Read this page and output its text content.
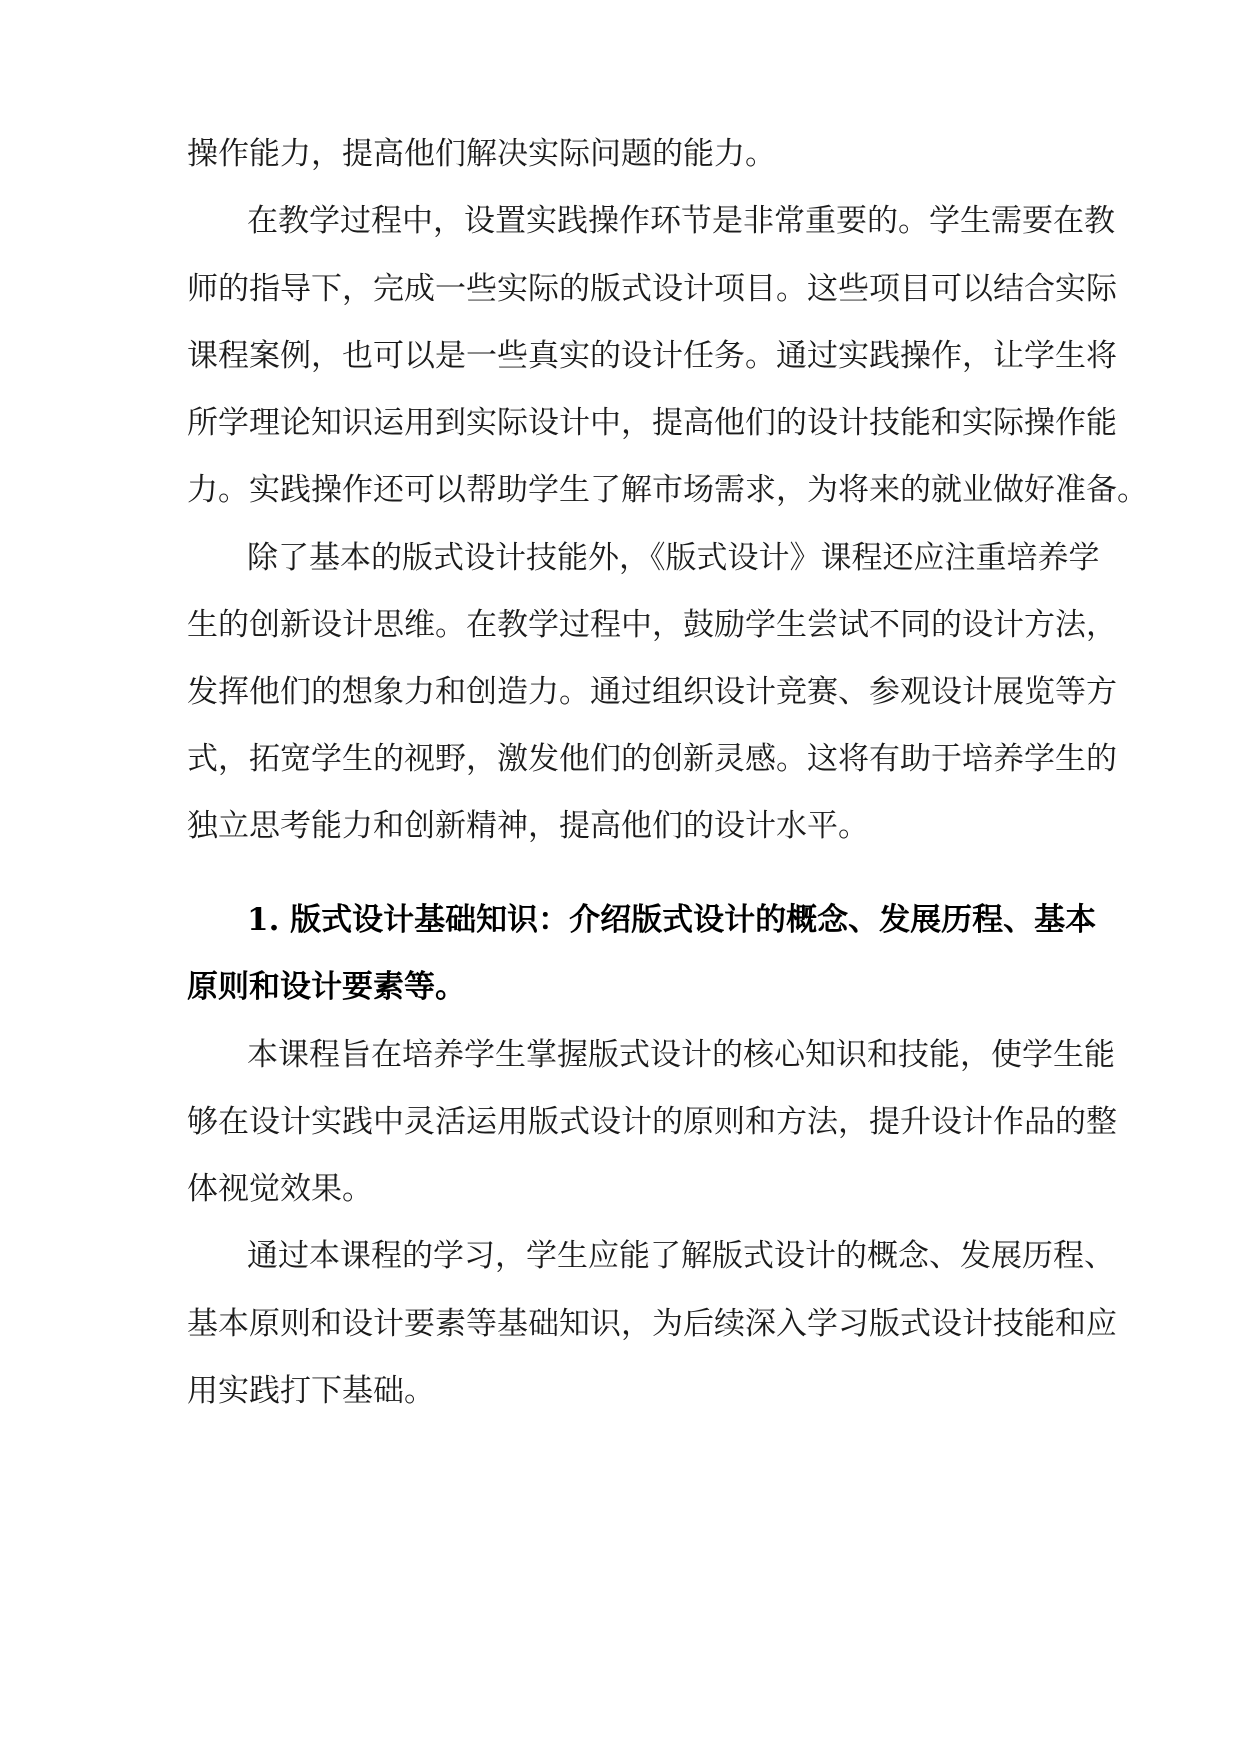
操作能力，提高他们解决实际问题的能力。
在教学过程中，设置实践操作环节是非常重要的。学生需要在教
师的指导下，完成一些实际的版式设计项目。这些项目可以结合实际
课程案例，也可以是一些真实的设计任务。通过实践操作，让学生将
所学理论知识运用到实际设计中，提高他们的设计技能和实际操作能
力。实践操作还可以帮助学生了解市场需求，为将来的就业做好准备。
除了基本的版式设计技能外，《版式设计》课程还应注重培养学
生的创新设计思维。在教学过程中，鼓励学生尝试不同的设计方法，
发挥他们的想象力和创造力。通过组织设计竞赛、参观设计展览等方
式，拓宽学生的视野，激发他们的创新灵感。这将有助于培养学生的
独立思考能力和创新精神，提高他们的设计水平。
1. 版式设计基础知识：介绍版式设计的概念、发展历程、基本
原则和设计要素等。
本课程旨在培养学生掌握版式设计的核心知识和技能，使学生能
够在设计实践中灵活运用版式设计的原则和方法，提升设计作品的整
体视觉效果。
通过本课程的学习，学生应能了解版式设计的概念、发展历程、
基本原则和设计要素等基础知识，为后续深入学习版式设计技能和应
用实践打下基础。
